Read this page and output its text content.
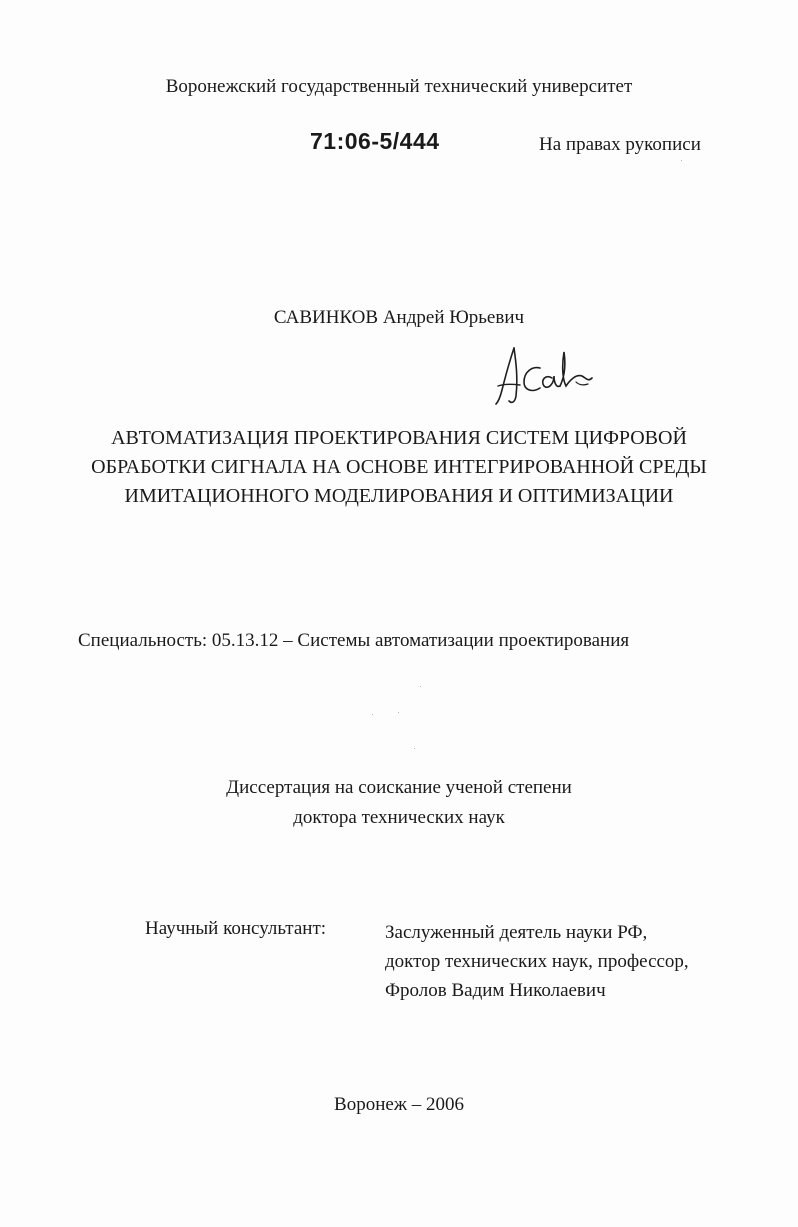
Воронежский государственный технический университет
71:06-5/444	На правах рукописи
САВИНКОВ Андрей Юрьевич
АВТОМАТИЗАЦИЯ ПРОЕКТИРОВАНИЯ СИСТЕМ ЦИФРОВОЙ
ОБРАБОТКИ СИГНАЛА НА ОСНОВЕ ИНТЕГРИРОВАННОЙ СРЕДЫ
ИМИТАЦИОННОГО МОДЕЛИРОВАНИЯ И ОПТИМИЗАЦИИ
Специальность: 05.13.12 – Системы автоматизации проектирования
Диссертация на соискание ученой степени
доктора технических наук
Научный консультант:	Заслуженный деятель науки РФ,
доктор технических наук, профессор,
Фролов Вадим Николаевич
Воронеж – 2006
